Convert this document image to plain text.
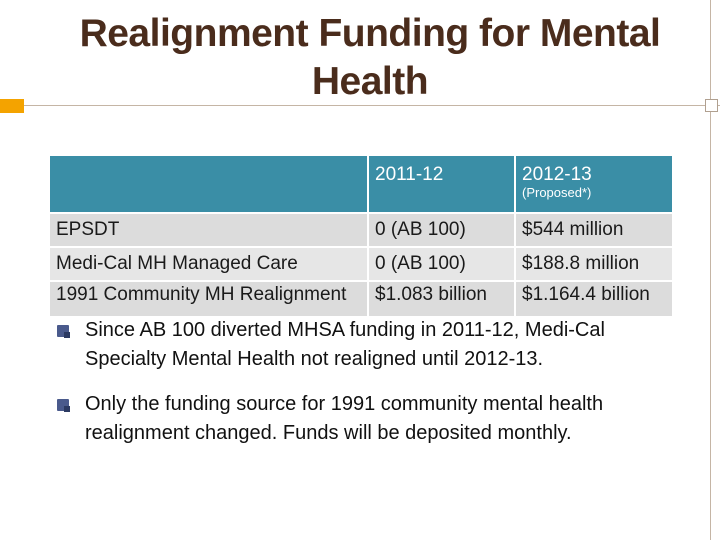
Realignment Funding for Mental Health
	2011-12	2012-13
(Proposed*)

EPSDT	0 (AB 100)	$544 million
Medi-Cal MH Managed Care	0 (AB 100)	$188.8 million
1991 Community MH Realignment	$1.083 billion	$1.164.4 billion
Since AB 100 diverted MHSA funding in 2011-12, Medi-Cal Specialty Mental Health not realigned until 2012-13.
Only the funding source for 1991 community mental health realignment changed. Funds will be deposited monthly.
